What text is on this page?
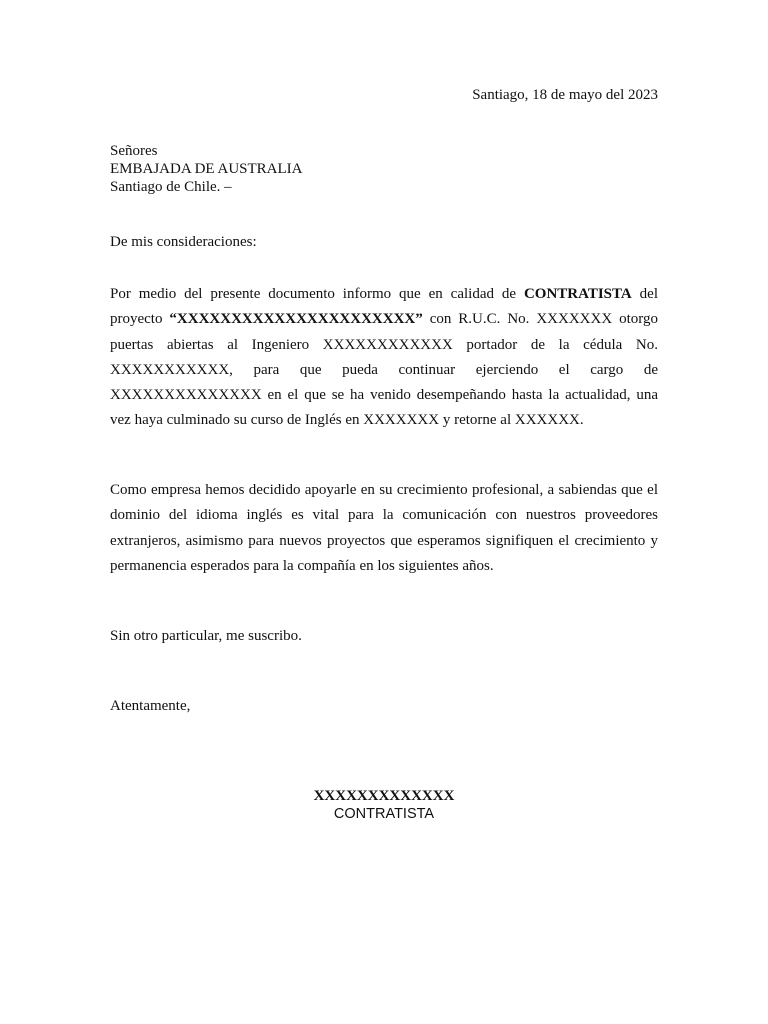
Santiago, 18 de mayo del 2023
Señores
EMBAJADA DE AUSTRALIA
Santiago de Chile. –
De mis consideraciones:
Por medio del presente documento informo que en calidad de CONTRATISTA del proyecto “XXXXXXXXXXXXXXXXXXXXXX” con R.U.C. No. XXXXXXX otorgo puertas abiertas al Ingeniero XXXXXXXXXXXX portador de la cédula No. XXXXXXXXXXX, para que pueda continuar ejerciendo el cargo de XXXXXXXXXXXXXX en el que se ha venido desempeñando hasta la actualidad, una vez haya culminado su curso de Inglés en XXXXXXX y retorne al XXXXXX.
Como empresa hemos decidido apoyarle en su crecimiento profesional, a sabiendas que el dominio del idioma inglés es vital para la comunicación con nuestros proveedores extranjeros, asimismo para nuevos proyectos que esperamos signifiquen el crecimiento y permanencia esperados para la compañía en los siguientes años.
Sin otro particular, me suscribo.
Atentamente,
XXXXXXXXXXXXX
CONTRATISTA
